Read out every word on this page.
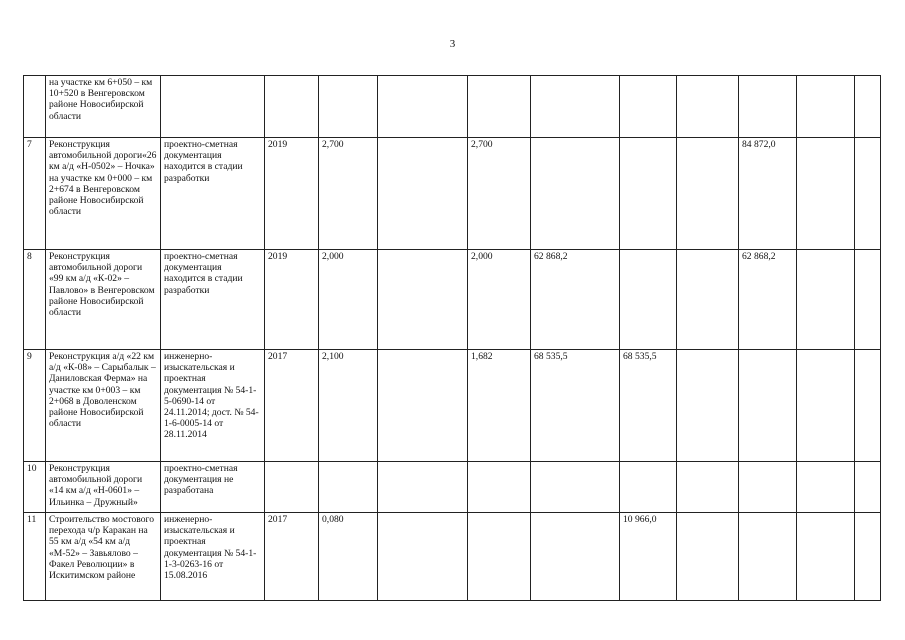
3
	на участке км 6+050 – км 10+520 в Венгеровском районе Новосибирской области											
7	Реконструкция автомобильной дороги«26 км а/д «Н-0502» – Ночка» на участке км 0+000 – км 2+674 в Венгеровском районе Новосибирской области	проектно-сметная документация находится в стадии разработки	2019	2,700		2,700				84 872,0		
8	Реконструкция автомобильной дороги «99 км а/д «К-02» – Павлово» в Венгеровском районе Новосибирской области	проектно-сметная документация находится в стадии разработки	2019	2,000		2,000	62 868,2			62 868,2		
9	Реконструкция а/д «22 км а/д «К-08» – Сарыбалык – Даниловская Ферма» на участке км 0+003 – км 2+068 в Доволенском районе Новосибирской области	инженерно-изыскательская и проектная документация № 54-1-5-0690-14 от 24.11.2014; дост. № 54-1-6-0005-14 от 28.11.2014	2017	2,100		1,682	68 535,5	68 535,5				
10	Реконструкция автомобильной дороги «14 км а/д «Н-0601» – Ильинка – Дружный»	проектно-сметная документация не разработана										
11	Строительство мостового перехода ч/р Каракан на 55 км а/д «54 км а/д «М-52» – Завьялово – Факел Революции» в Искитимском районе	инженерно-изыскательская и проектная документация № 54-1-1-3-0263-16 от 15.08.2016	2017	0,080				10 966,0				
